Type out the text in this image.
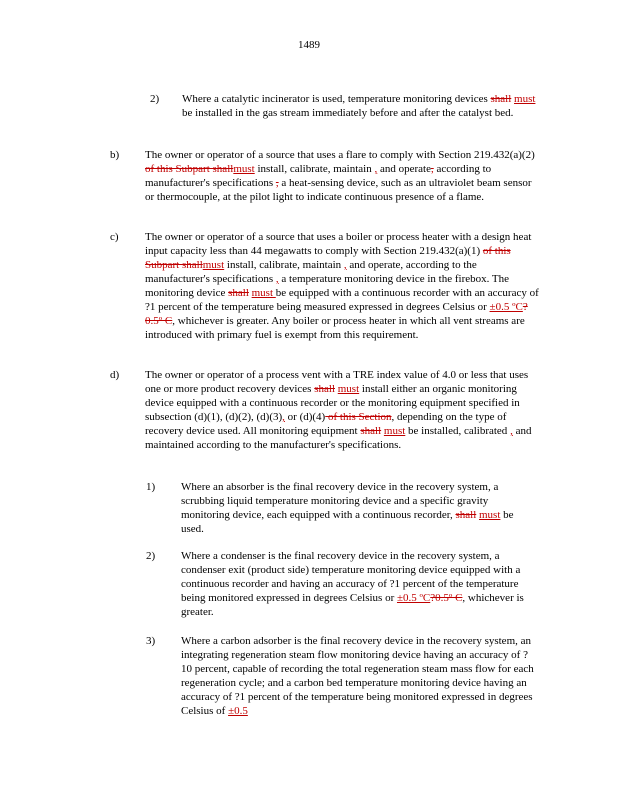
1489
2) Where a catalytic incinerator is used, temperature monitoring devices shall must be installed in the gas stream immediately before and after the catalyst bed.
b) The owner or operator of a source that uses a flare to comply with Section 219.432(a)(2) of this Subpart shallmust install, calibrate, maintain , and operate, according to manufacturer's specifications , a heat-sensing device, such as an ultraviolet beam sensor or thermocouple, at the pilot light to indicate continuous presence of a flame.
c) The owner or operator of a source that uses a boiler or process heater with a design heat input capacity less than 44 megawatts to comply with Section 219.432(a)(1) of this Subpart shallmust install, calibrate, maintain , and operate, according to the manufacturer's specifications , a temperature monitoring device in the firebox. The monitoring device shall must be equipped with a continuous recorder with an accuracy of ?1 percent of the temperature being measured expressed in degrees Celsius or ±0.5 ºC?0.5º C, whichever is greater. Any boiler or process heater in which all vent streams are introduced with primary fuel is exempt from this requirement.
d) The owner or operator of a process vent with a TRE index value of 4.0 or less that uses one or more product recovery devices shall must install either an organic monitoring device equipped with a continuous recorder or the monitoring equipment specified in subsection (d)(1), (d)(2), (d)(3), or (d)(4) of this Section, depending on the type of recovery device used. All monitoring equipment shall must be installed, calibrated , and maintained according to the manufacturer's specifications.
1) Where an absorber is the final recovery device in the recovery system, a scrubbing liquid temperature monitoring device and a specific gravity monitoring device, each equipped with a continuous recorder, shall must be used.
2) Where a condenser is the final recovery device in the recovery system, a condenser exit (product side) temperature monitoring device equipped with a continuous recorder and having an accuracy of ?1 percent of the temperature being monitored expressed in degrees Celsius or ±0.5 ºC?0.5º C, whichever is greater.
3) Where a carbon adsorber is the final recovery device in the recovery system, an integrating regeneration steam flow monitoring device having an accuracy of ?10 percent, capable of recording the total regeneration steam mass flow for each regeneration cycle; and a carbon bed temperature monitoring device having an accuracy of ?1 percent of the temperature being monitored expressed in degrees Celsius of ±0.5
